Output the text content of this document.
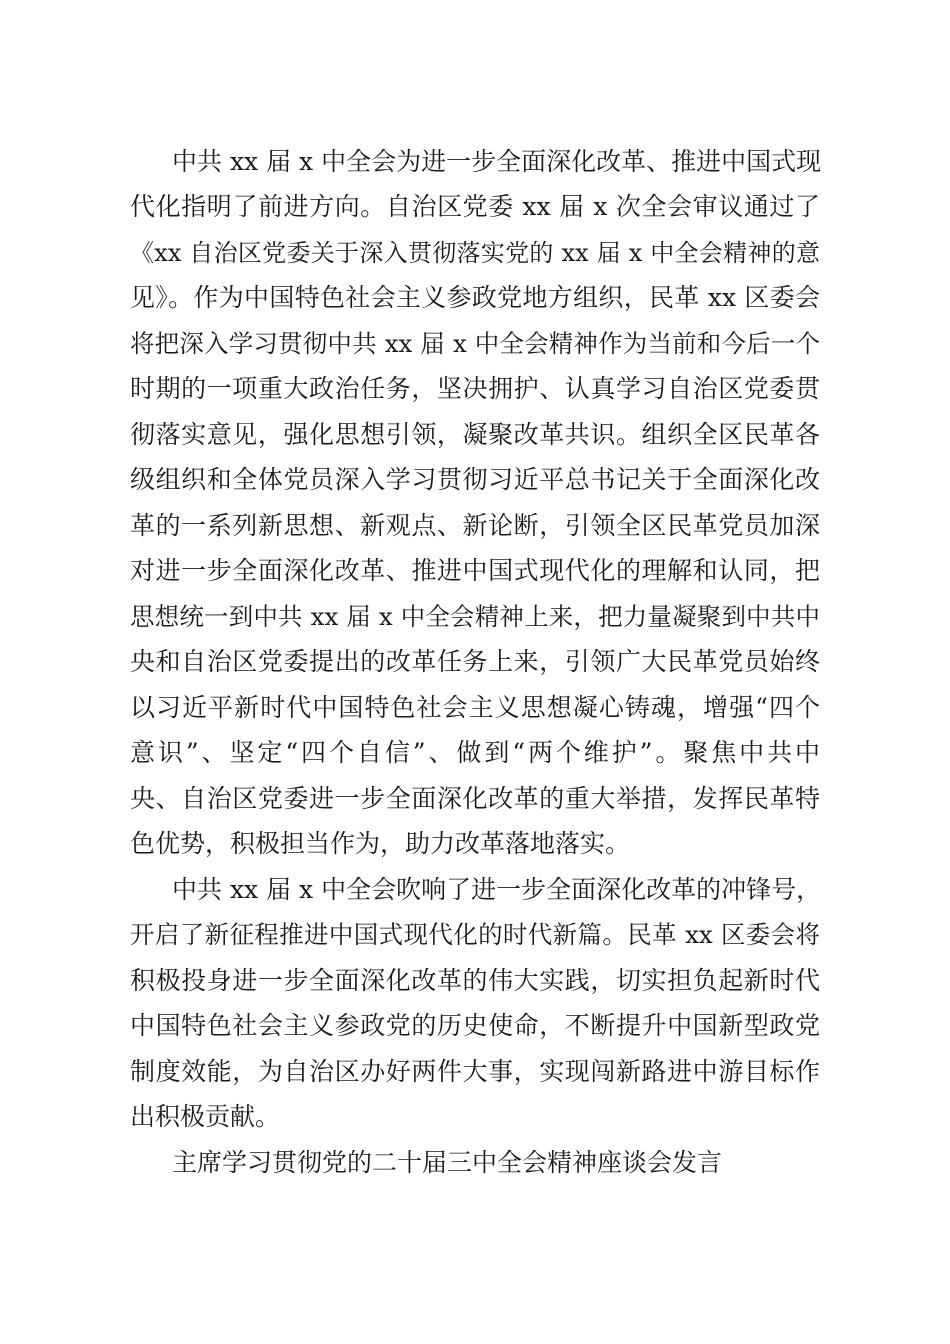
中共 xx 届 x 中全会为进一步全面深化改革、推进中国式现
代化指明了前进方向。自治区党委 xx 届 x 次全会审议通过了
《xx 自治区党委关于深入贯彻落实党的 xx 届 x 中全会精神的意
见》。作为中国特色社会主义参政党地方组织，民革 xx 区委会
将把深入学习贯彻中共 xx 届 x 中全会精神作为当前和今后一个
时期的一项重大政治任务，坚决拥护、认真学习自治区党委贯
彻落实意见，强化思想引领，凝聚改革共识。组织全区民革各
级组织和全体党员深入学习贯彻习近平总书记关于全面深化改
革的一系列新思想、新观点、新论断，引领全区民革党员加深
对进一步全面深化改革、推进中国式现代化的理解和认同，把
思想统一到中共 xx 届 x 中全会精神上来，把力量凝聚到中共中
央和自治区党委提出的改革任务上来，引领广大民革党员始终
以习近平新时代中国特色社会主义思想凝心铸魂，增强“四个
意识”、坚定“四个自信”、做到“两个维护”。聚焦中共中
央、自治区党委进一步全面深化改革的重大举措，发挥民革特
色优势，积极担当作为，助力改革落地落实。
中共 xx 届 x 中全会吹响了进一步全面深化改革的冲锋号，
开启了新征程推进中国式现代化的时代新篇。民革 xx 区委会将
积极投身进一步全面深化改革的伟大实践，切实担负起新时代
中国特色社会主义参政党的历史使命，不断提升中国新型政党
制度效能，为自治区办好两件大事，实现闯新路进中游目标作
出积极贡献。
主席学习贯彻党的二十届三中全会精神座谈会发言
